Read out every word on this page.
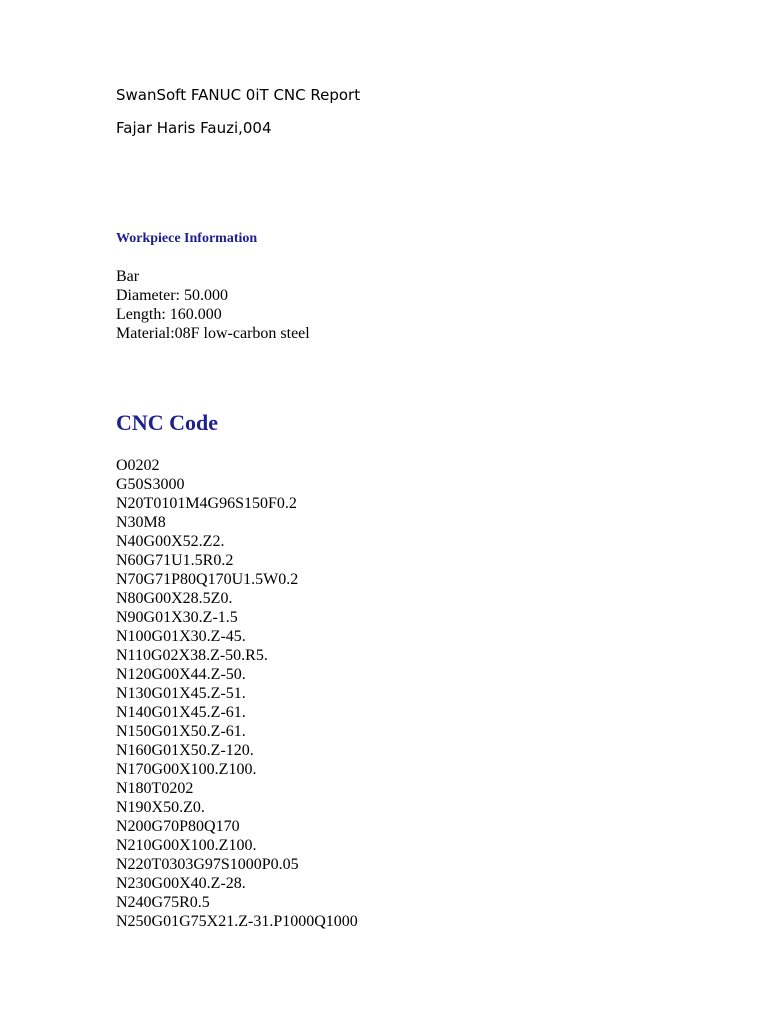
SwanSoft FANUC 0iT CNC Report
Fajar Haris Fauzi,004
Workpiece Information
Bar
Diameter: 50.000
Length: 160.000
Material:08F low-carbon steel
CNC Code
O0202
G50S3000
N20T0101M4G96S150F0.2
N30M8
N40G00X52.Z2.
N60G71U1.5R0.2
N70G71P80Q170U1.5W0.2
N80G00X28.5Z0.
N90G01X30.Z-1.5
N100G01X30.Z-45.
N110G02X38.Z-50.R5.
N120G00X44.Z-50.
N130G01X45.Z-51.
N140G01X45.Z-61.
N150G01X50.Z-61.
N160G01X50.Z-120.
N170G00X100.Z100.
N180T0202
N190X50.Z0.
N200G70P80Q170
N210G00X100.Z100.
N220T0303G97S1000P0.05
N230G00X40.Z-28.
N240G75R0.5
N250G01G75X21.Z-31.P1000Q1000
